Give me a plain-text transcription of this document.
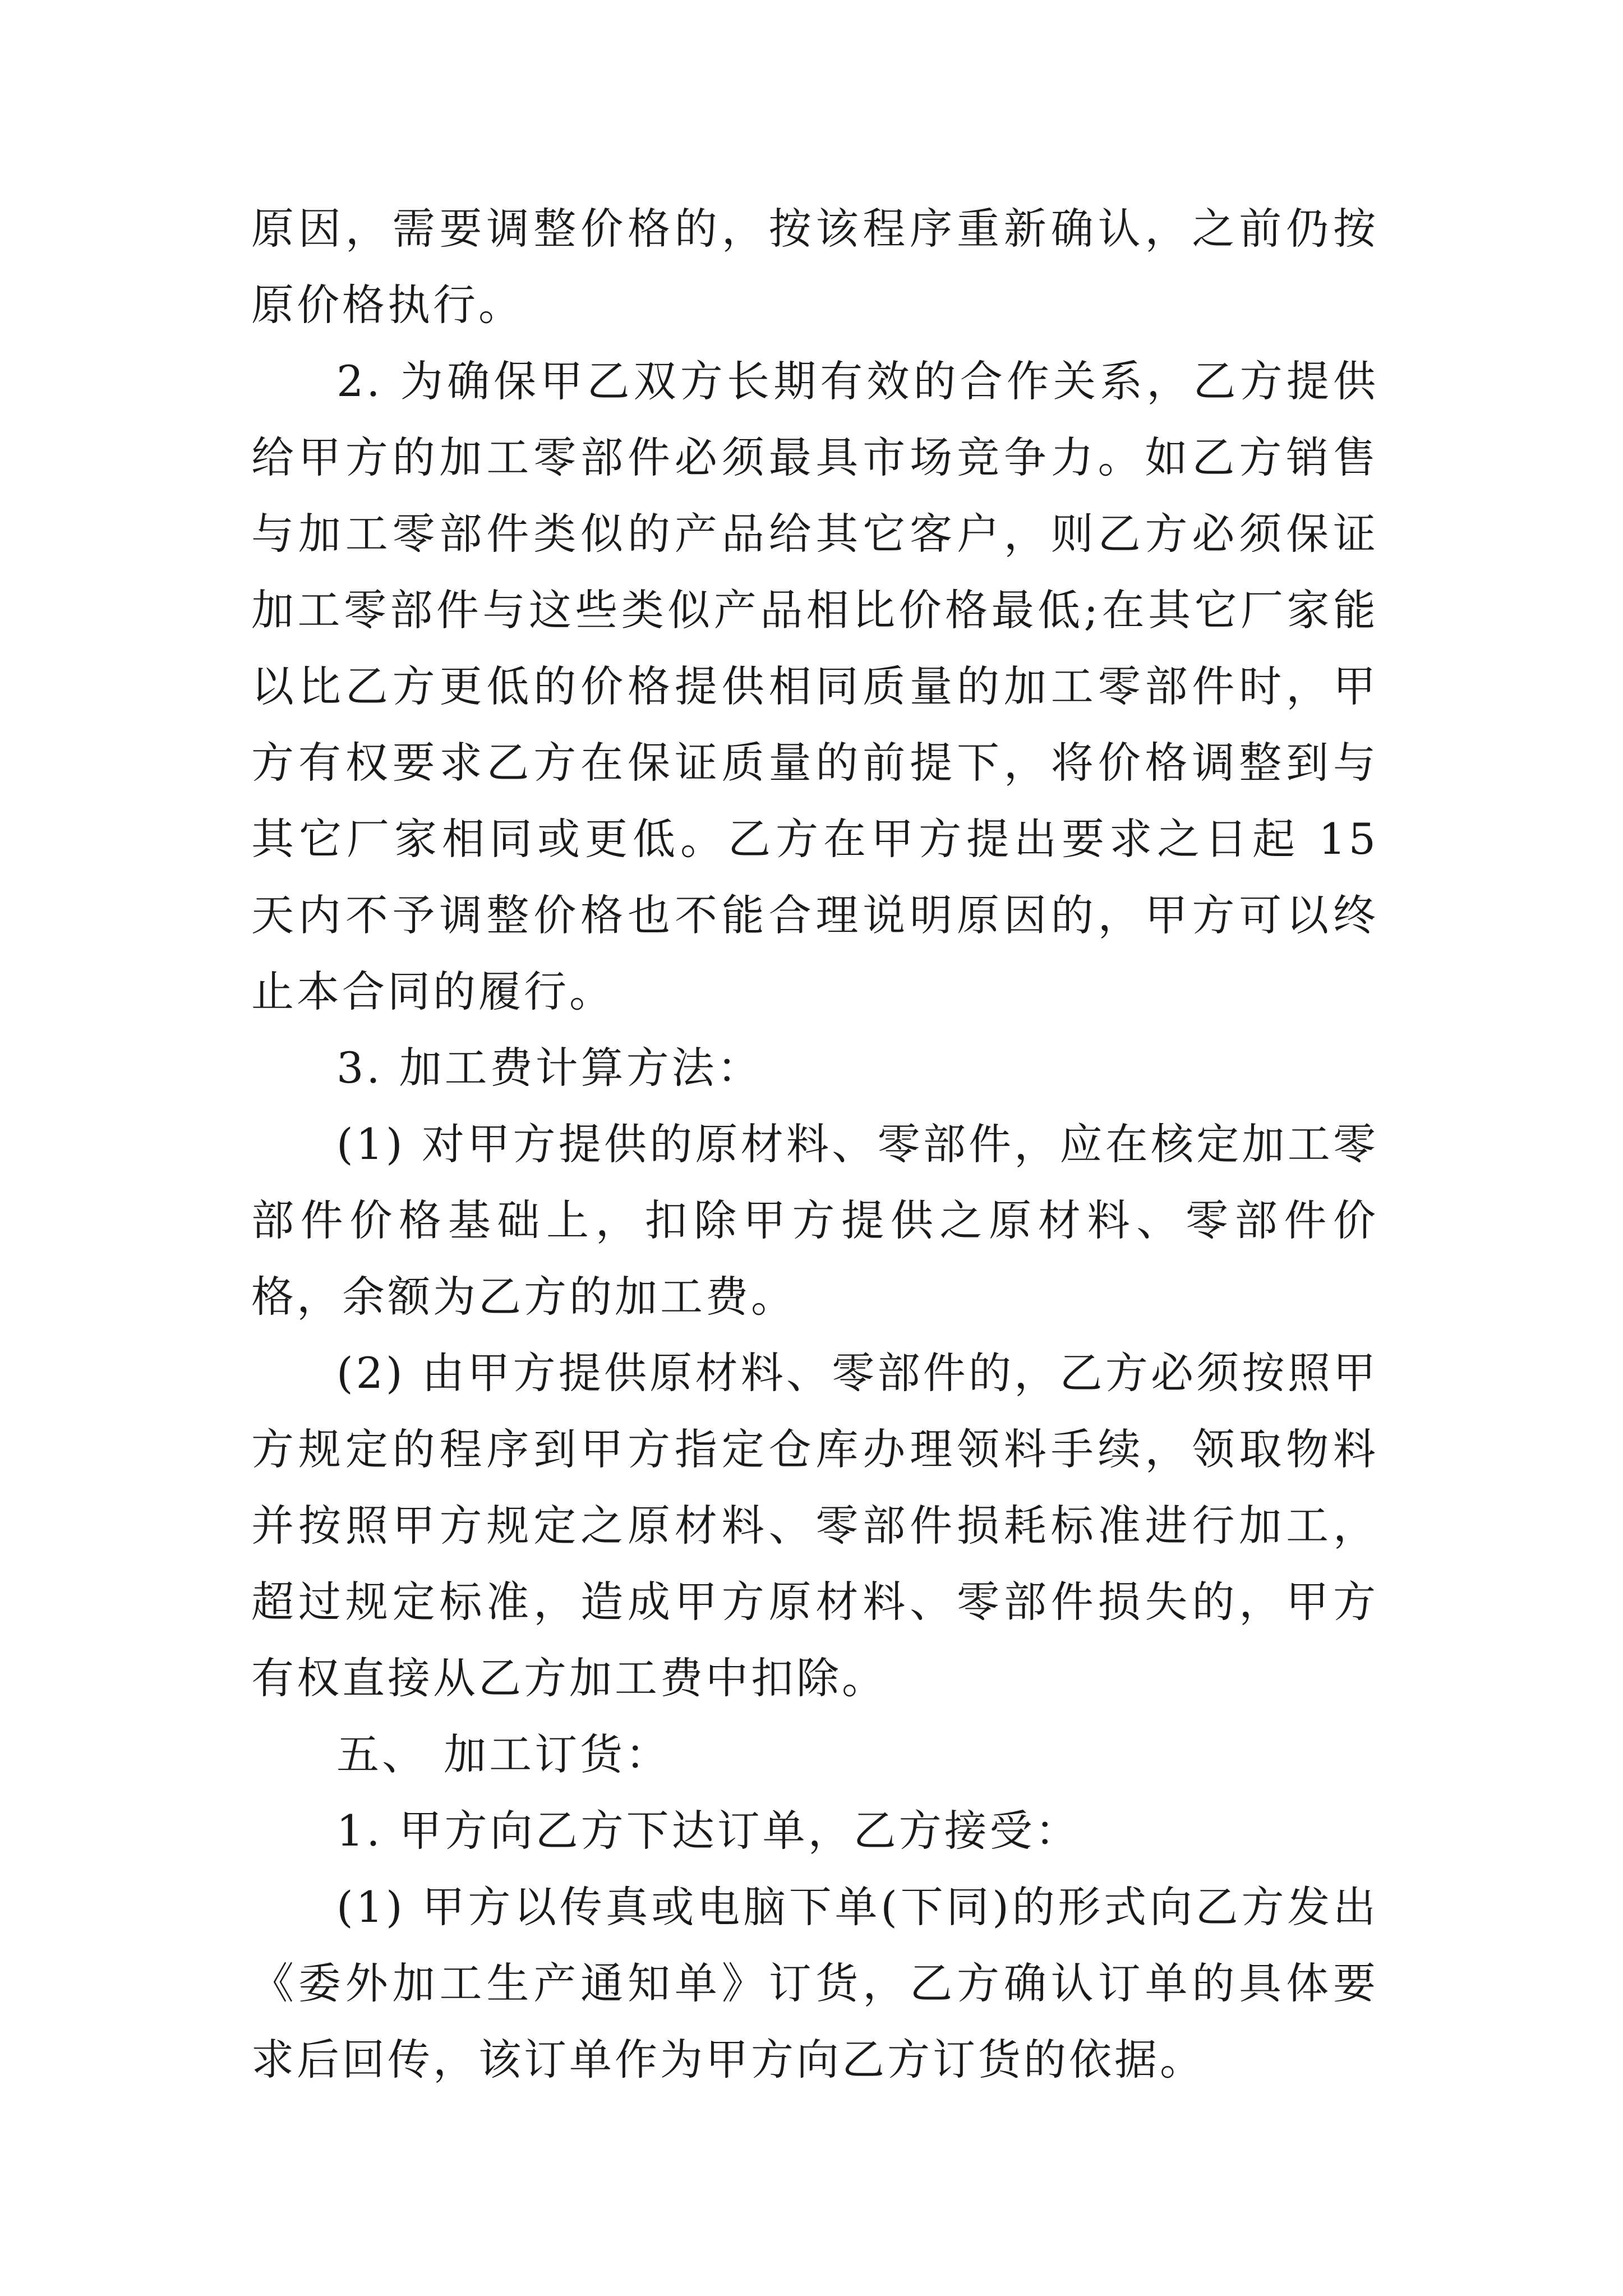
原因，需要调整价格的，按该程序重新确认，之前仍按原价格执行。

2. 为确保甲乙双方长期有效的合作关系，乙方提供给甲方的加工零部件必须最具市场竞争力。如乙方销售与加工零部件类似的产品给其它客户，则乙方必须保证加工零部件与这些类似产品相比价格最低;在其它厂家能以比乙方更低的价格提供相同质量的加工零部件时，甲方有权要求乙方在保证质量的前提下，将价格调整到与其它厂家相同或更低。乙方在甲方提出要求之日起 15 天内不予调整价格也不能合理说明原因的，甲方可以终止本合同的履行。

3. 加工费计算方法：

(1) 对甲方提供的原材料、零部件，应在核定加工零部件价格基础上，扣除甲方提供之原材料、零部件价格，余额为乙方的加工费。

(2) 由甲方提供原材料、零部件的，乙方必须按照甲方规定的程序到甲方指定仓库办理领料手续，领取物料并按照甲方规定之原材料、零部件损耗标准进行加工，超过规定标准，造成甲方原材料、零部件损失的，甲方有权直接从乙方加工费中扣除。

五、 加工订货：

1. 甲方向乙方下达订单，乙方接受：

(1) 甲方以传真或电脑下单(下同)的形式向乙方发出《委外加工生产通知单》订货，乙方确认订单的具体要求后回传，该订单作为甲方向乙方订货的依据。
